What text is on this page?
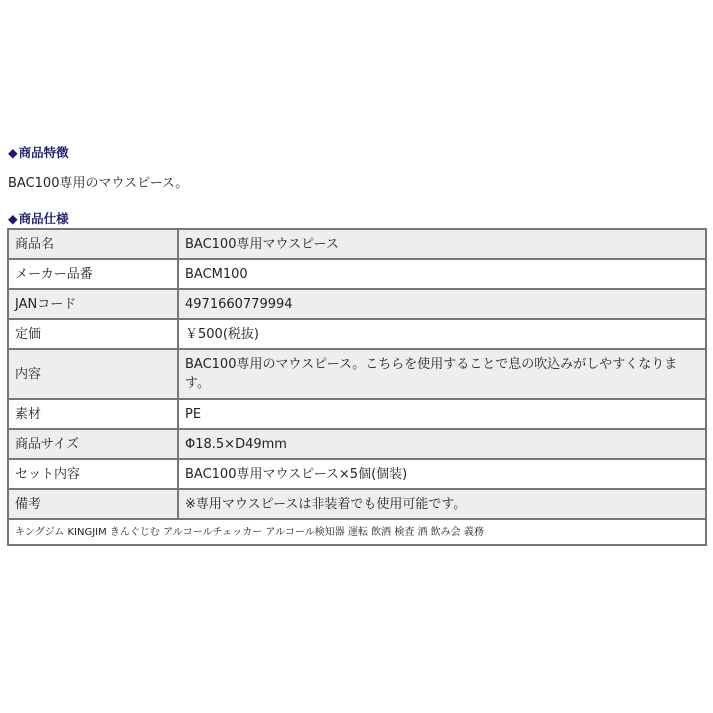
◆商品特徴
BAC100専用のマウスピース。
◆商品仕様
商品名	BAC100専用マウスピース
メーカー品番	BACM100
JANコード	4971660779994
定価	￥500(税抜)
内容	BAC100専用のマウスピース。こちらを使用することで息の吹込みがしやすくなります。
素材	PE
商品サイズ	Φ18.5×D49mm
セット内容	BAC100専用マウスピース×5個(個装)
備考	※専用マウスピースは非装着でも使用可能です。
キングジム KINGJIM きんぐじむ アルコールチェッカー アルコール検知器 運転 飲酒 検査 酒 飲み会 義務	
